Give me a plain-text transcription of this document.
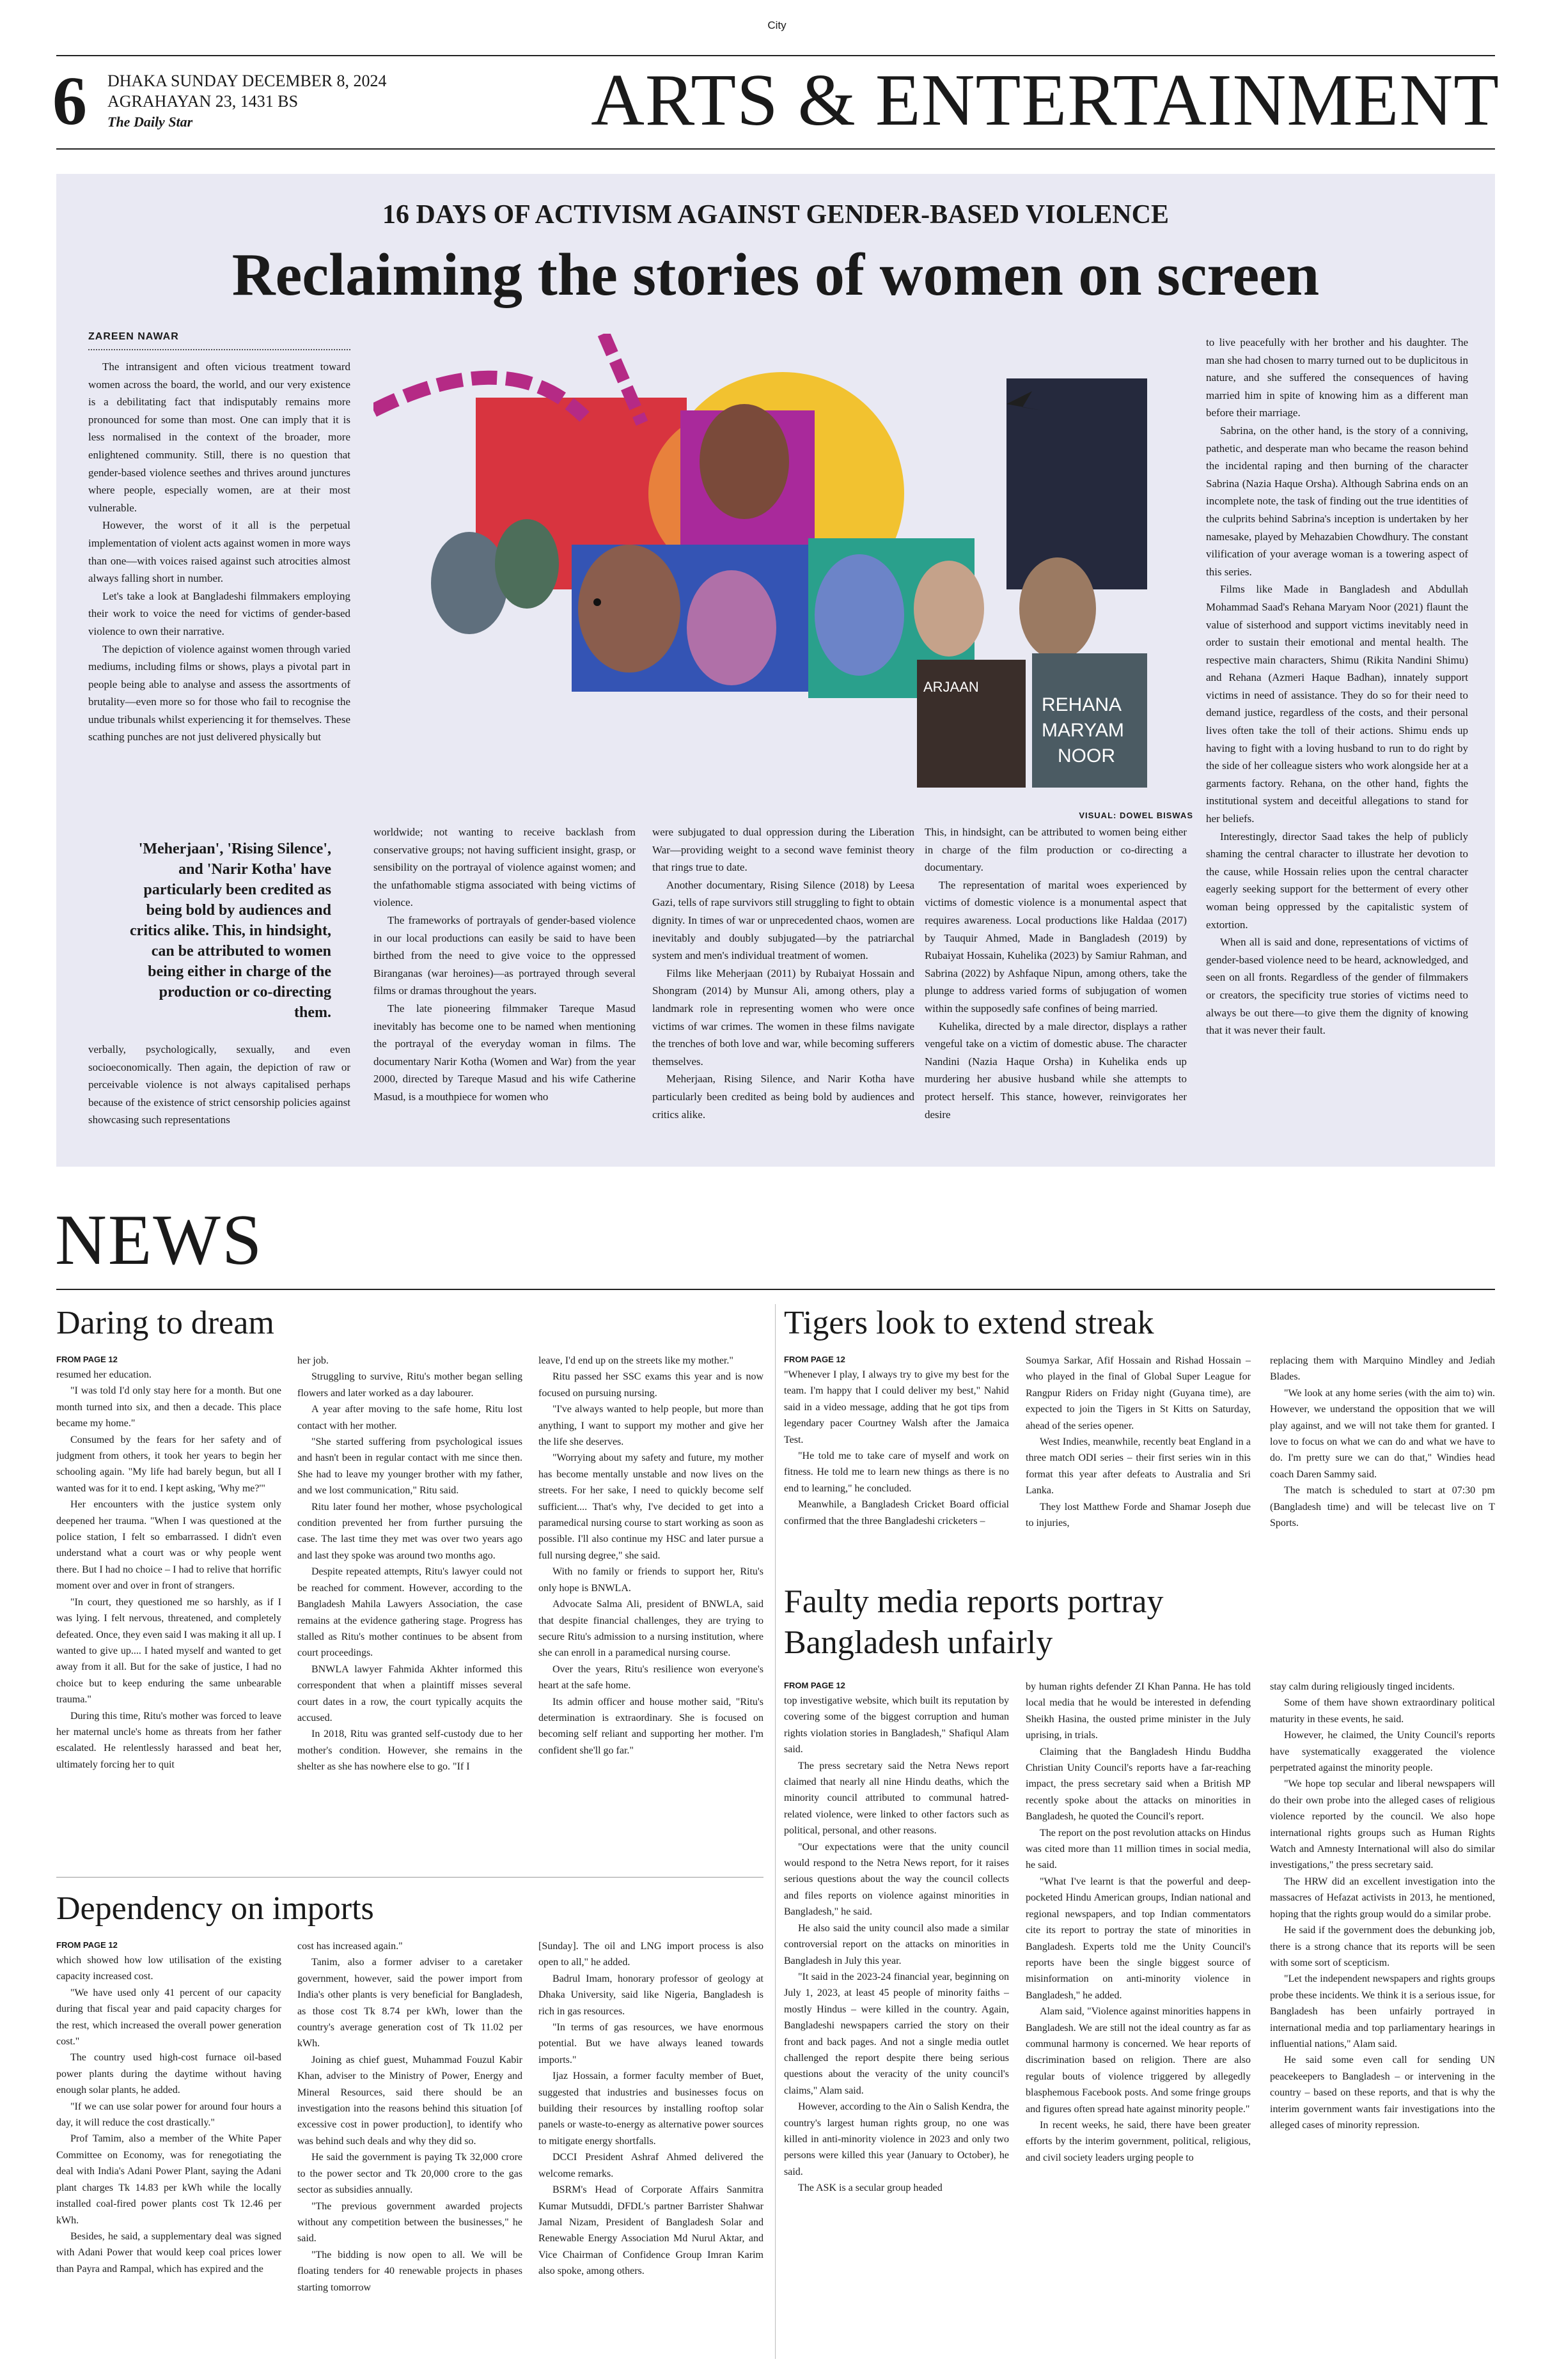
City
6 DHAKA SUNDAY DECEMBER 8, 2024
AGRAHAYAN 23, 1431 BS
The Daily Star	ARTS & ENTERTAINMENT
16 DAYS OF ACTIVISM AGAINST GENDER-BASED VIOLENCE
Reclaiming the stories of women on screen
ZAREEN NAWAR

The intransigent and often vicious treatment toward women across the board, the world, and our very existence is a debilitating fact that indisputably remains more pronounced for some than most. One can imply that it is less normalised in the context of the broader, more enlightened community. Still, there is no question that gender-based violence seethes and thrives around junctures where people, especially women, are at their most vulnerable.

However, the worst of it all is the perpetual implementation of violent acts against women in more ways than one—with voices raised against such atrocities almost always falling short in number.

Let's take a look at Bangladeshi filmmakers employing their work to voice the need for victims of gender-based violence to own their narrative.

The depiction of violence against women through varied mediums, including films or shows, plays a pivotal part in people being able to analyse and assess the assortments of brutality—even more so for those who fail to recognise the undue tribunals whilst experiencing it for themselves. These scathing punches are not just delivered physically but

'Meherjaan', 'Rising Silence', and 'Narir Kotha' have particularly been credited as being bold by audiences and critics alike. This, in hindsight, can be attributed to women being either in charge of the production or co-directing them.

verbally, psychologically, sexually, and even socioeconomically. Then again, the depiction of raw or perceivable violence is not always capitalised perhaps because of the existence of strict censorship policies against showcasing such representations

ARJAAN
REHANA
MARYAM
NOOR
VISUAL: DOWEL BISWAS

worldwide; not wanting to receive backlash from conservative groups; not having sufficient insight, grasp, or sensibility on the portrayal of violence against women; and the unfathomable stigma associated with being victims of violence.

The frameworks of portrayals of gender-based violence in our local productions can easily be said to have been birthed from the need to give voice to the oppressed Biranganas (war heroines)—as portrayed through several films or dramas throughout the years.

The late pioneering filmmaker Tareque Masud inevitably has become one to be named when mentioning the portrayal of the everyday woman in films. The documentary Narir Kotha (Women and War) from the year 2000, directed by Tareque Masud and his wife Catherine Masud, is a mouthpiece for women who

were subjugated to dual oppression during the Liberation War—providing weight to a second wave feminist theory that rings true to date.

Another documentary, Rising Silence (2018) by Leesa Gazi, tells of rape survivors still struggling to fight to obtain dignity. In times of war or unprecedented chaos, women are inevitably and doubly subjugated—by the patriarchal system and men's individual treatment of women.

Films like Meherjaan (2011) by Rubaiyat Hossain and Shongram (2014) by Munsur Ali, among others, play a landmark role in representing women who were once victims of war crimes. The women in these films navigate the trenches of both love and war, while becoming sufferers themselves.

Meherjaan, Rising Silence, and Narir Kotha have particularly been credited as being bold by audiences and critics alike.

This, in hindsight, can be attributed to women being either in charge of the film production or co-directing a documentary.

The representation of marital woes experienced by victims of domestic violence is a monumental aspect that requires awareness. Local productions like Haldaa (2017) by Tauquir Ahmed, Made in Bangladesh (2019) by Rubaiyat Hossain, Kuhelika (2023) by Samiur Rahman, and Sabrina (2022) by Ashfaque Nipun, among others, take the plunge to address varied forms of subjugation of women within the supposedly safe confines of being married.

Kuhelika, directed by a male director, displays a rather vengeful take on a victim of domestic abuse. The character Nandini (Nazia Haque Orsha) in Kuhelika ends up murdering her abusive husband while she attempts to protect herself. This stance, however, reinvigorates her desire

to live peacefully with her brother and his daughter. The man she had chosen to marry turned out to be duplicitous in nature, and she suffered the consequences of having married him in spite of knowing him as a different man before their marriage.

Sabrina, on the other hand, is the story of a conniving, pathetic, and desperate man who became the reason behind the incidental raping and then burning of the character Sabrina (Nazia Haque Orsha). Although Sabrina ends on an incomplete note, the task of finding out the true identities of the culprits behind Sabrina's inception is undertaken by her namesake, played by Mehazabien Chowdhury. The constant vilification of your average woman is a towering aspect of this series.

Films like Made in Bangladesh and Abdullah Mohammad Saad's Rehana Maryam Noor (2021) flaunt the value of sisterhood and support victims inevitably need in order to sustain their emotional and mental health. The respective main characters, Shimu (Rikita Nandini Shimu) and Rehana (Azmeri Haque Badhan), innately support victims in need of assistance. They do so for their need to demand justice, regardless of the costs, and their personal lives often take the toll of their actions. Shimu ends up having to fight with a loving husband to run to do right by the side of her colleague sisters who work alongside her at a garments factory. Rehana, on the other hand, fights the institutional system and deceitful allegations to stand for her beliefs.

Interestingly, director Saad takes the help of publicly shaming the central character to illustrate her devotion to the cause, while Hossain relies upon the central character eagerly seeking support for the betterment of every other woman being oppressed by the capitalistic system of extortion.

When all is said and done, representations of victims of gender-based violence need to be heard, acknowledged, and seen on all fronts. Regardless of the gender of filmmakers or creators, the specificity true stories of victims need to always be out there—to give them the dignity of knowing that it was never their fault.

NEWS
Daring to dream

FROM PAGE 12

resumed her education.

"I was told I'd only stay here for a month. But one month turned into six, and then a decade. This place became my home."

Consumed by the fears for her safety and of judgment from others, it took her years to begin her schooling again. "My life had barely begun, but all I wanted was for it to end. I kept asking, 'Why me?'"

Her encounters with the justice system only deepened her trauma. "When I was questioned at the police station, I felt so embarrassed. I didn't even understand what a court was or why people went there. But I had no choice – I had to relive that horrific moment over and over in front of strangers.

"In court, they questioned me so harshly, as if I was lying. I felt nervous, threatened, and completely defeated. Once, they even said I was making it all up. I wanted to give up.... I hated myself and wanted to get away from it all. But for the sake of justice, I had no choice but to keep enduring the same unbearable trauma."

During this time, Ritu's mother was forced to leave her maternal uncle's home as threats from her father escalated. He relentlessly harassed and beat her, ultimately forcing her to quit

her job.

Struggling to survive, Ritu's mother began selling flowers and later worked as a day labourer.

A year after moving to the safe home, Ritu lost contact with her mother.

"She started suffering from psychological issues and hasn't been in regular contact with me since then. She had to leave my younger brother with my father, and we lost communication," Ritu said.

Ritu later found her mother, whose psychological condition prevented her from further pursuing the case. The last time they met was over two years ago and last they spoke was around two months ago.

Despite repeated attempts, Ritu's lawyer could not be reached for comment. However, according to the Bangladesh Mahila Lawyers Association, the case remains at the evidence gathering stage. Progress has stalled as Ritu's mother continues to be absent from court proceedings.

BNWLA lawyer Fahmida Akhter informed this correspondent that when a plaintiff misses several court dates in a row, the court typically acquits the accused.

In 2018, Ritu was granted self-custody due to her mother's condition. However, she remains in the shelter as she has nowhere else to go. "If I

leave, I'd end up on the streets like my mother."

Ritu passed her SSC exams this year and is now focused on pursuing nursing.

"I've always wanted to help people, but more than anything, I want to support my mother and give her the life she deserves.

"Worrying about my safety and future, my mother has become mentally unstable and now lives on the streets. For her sake, I need to quickly become self sufficient.... That's why, I've decided to get into a paramedical nursing course to start working as soon as possible. I'll also continue my HSC and later pursue a full nursing degree," she said.

With no family or friends to support her, Ritu's only hope is BNWLA.

Advocate Salma Ali, president of BNWLA, said that despite financial challenges, they are trying to secure Ritu's admission to a nursing institution, where she can enroll in a paramedical nursing course.

Over the years, Ritu's resilience won everyone's heart at the safe home.

Its admin officer and house mother said, "Ritu's determination is extraordinary. She is focused on becoming self reliant and supporting her mother. I'm confident she'll go far."

Tigers look to extend streak

FROM PAGE 12

"Whenever I play, I always try to give my best for the team. I'm happy that I could deliver my best," Nahid said in a video message, adding that he got tips from legendary pacer Courtney Walsh after the Jamaica Test.

"He told me to take care of myself and work on fitness. He told me to learn new things as there is no end to learning," he concluded.

Meanwhile, a Bangladesh Cricket Board official confirmed that the three Bangladeshi cricketers –

Soumya Sarkar, Afif Hossain and Rishad Hossain – who played in the final of Global Super League for Rangpur Riders on Friday night (Guyana time), are expected to join the Tigers in St Kitts on Saturday, ahead of the series opener.

West Indies, meanwhile, recently beat England in a three match ODI series – their first series win in this format this year after defeats to Australia and Sri Lanka.

They lost Matthew Forde and Shamar Joseph due to injuries,

replacing them with Marquino Mindley and Jediah Blades.

"We look at any home series (with the aim to) win. However, we understand the opposition that we will play against, and we will not take them for granted. I love to focus on what we can do and what we have to do. I'm pretty sure we can do that," Windies head coach Daren Sammy said.

The match is scheduled to start at 07:30 pm (Bangladesh time) and will be telecast live on T Sports.

Faulty media reports portray
Bangladesh unfairly

FROM PAGE 12

top investigative website, which built its reputation by covering some of the biggest corruption and human rights violation stories in Bangladesh," Shafiqul Alam said.

The press secretary said the Netra News report claimed that nearly all nine Hindu deaths, which the minority council attributed to communal hatred-related violence, were linked to other factors such as political, personal, and other reasons.

"Our expectations were that the unity council would respond to the Netra News report, for it raises serious questions about the way the council collects and files reports on violence against minorities in Bangladesh," he said.

He also said the unity council also made a similar controversial report on the attacks on minorities in Bangladesh in July this year.

"It said in the 2023-24 financial year, beginning on July 1, 2023, at least 45 people of minority faiths – mostly Hindus – were killed in the country. Again, Bangladeshi newspapers carried the story on their front and back pages. And not a single media outlet challenged the report despite there being serious questions about the veracity of the unity council's claims," Alam said.

However, according to the Ain o Salish Kendra, the country's largest human rights group, no one was killed in anti-minority violence in 2023 and only two persons were killed this year (January to October), he said.

The ASK is a secular group headed

by human rights defender ZI Khan Panna. He has told local media that he would be interested in defending Sheikh Hasina, the ousted prime minister in the July uprising, in trials.

Claiming that the Bangladesh Hindu Buddha Christian Unity Council's reports have a far-reaching impact, the press secretary said when a British MP recently spoke about the attacks on minorities in Bangladesh, he quoted the Council's report.

The report on the post revolution attacks on Hindus was cited more than 11 million times in social media, he said.

"What I've learnt is that the powerful and deep-pocketed Hindu American groups, Indian national and regional newspapers, and top Indian commentators cite its report to portray the state of minorities in Bangladesh. Experts told me the Unity Council's reports have been the single biggest source of misinformation on anti-minority violence in Bangladesh," he added.

Alam said, "Violence against minorities happens in Bangladesh. We are still not the ideal country as far as communal harmony is concerned. We hear reports of discrimination based on religion. There are also regular bouts of violence triggered by allegedly blasphemous Facebook posts. And some fringe groups and figures often spread hate against minority people."

In recent weeks, he said, there have been greater efforts by the interim government, political, religious, and civil society leaders urging people to

stay calm during religiously tinged incidents.

Some of them have shown extraordinary political maturity in these events, he said.

However, he claimed, the Unity Council's reports have systematically exaggerated the violence perpetrated against the minority people.

"We hope top secular and liberal newspapers will do their own probe into the alleged cases of religious violence reported by the council. We also hope international rights groups such as Human Rights Watch and Amnesty International will also do similar investigations," the press secretary said.

The HRW did an excellent investigation into the massacres of Hefazat activists in 2013, he mentioned, hoping that the rights group would do a similar probe.

He said if the government does the debunking job, there is a strong chance that its reports will be seen with some sort of scepticism.

"Let the independent newspapers and rights groups probe these incidents. We think it is a serious issue, for Bangladesh has been unfairly portrayed in international media and top parliamentary hearings in influential nations," Alam said.

He said some even call for sending UN peacekeepers to Bangladesh – or intervening in the country – based on these reports, and that is why the interim government wants fair investigations into the alleged cases of minority repression.

Dependency on imports

FROM PAGE 12

which showed how low utilisation of the existing capacity increased cost.

"We have used only 41 percent of our capacity during that fiscal year and paid capacity charges for the rest, which increased the overall power generation cost."

The country used high-cost furnace oil-based power plants during the daytime without having enough solar plants, he added.

"If we can use solar power for around four hours a day, it will reduce the cost drastically."

Prof Tamim, also a member of the White Paper Committee on Economy, was for renegotiating the deal with India's Adani Power Plant, saying the Adani plant charges Tk 14.83 per kWh while the locally installed coal-fired power plants cost Tk 12.46 per kWh.

Besides, he said, a supplementary deal was signed with Adani Power that would keep coal prices lower than Payra and Rampal, which has expired and the

cost has increased again."

Tanim, also a former adviser to a caretaker government, however, said the power import from India's other plants is very beneficial for Bangladesh, as those cost Tk 8.74 per kWh, lower than the country's average generation cost of Tk 11.02 per kWh.

Joining as chief guest, Muhammad Fouzul Kabir Khan, adviser to the Ministry of Power, Energy and Mineral Resources, said there should be an investigation into the reasons behind this situation [of excessive cost in power production], to identify who was behind such deals and why they did so.

He said the government is paying Tk 32,000 crore to the power sector and Tk 20,000 crore to the gas sector as subsidies annually.

"The previous government awarded projects without any competition between the businesses," he said.

"The bidding is now open to all. We will be floating tenders for 40 renewable projects in phases starting tomorrow

[Sunday]. The oil and LNG import process is also open to all," he added.

Badrul Imam, honorary professor of geology at Dhaka University, said like Nigeria, Bangladesh is rich in gas resources.

"In terms of gas resources, we have enormous potential. But we have always leaned towards imports."

Ijaz Hossain, a former faculty member of Buet, suggested that industries and businesses focus on building their resources by installing rooftop solar panels or waste-to-energy as alternative power sources to mitigate energy shortfalls.

DCCI President Ashraf Ahmed delivered the welcome remarks.

BSRM's Head of Corporate Affairs Sanmitra Kumar Mutsuddi, DFDL's partner Barrister Shahwar Jamal Nizam, President of Bangladesh Solar and Renewable Energy Association Md Nurul Aktar, and Vice Chairman of Confidence Group Imran Karim also spoke, among others.
